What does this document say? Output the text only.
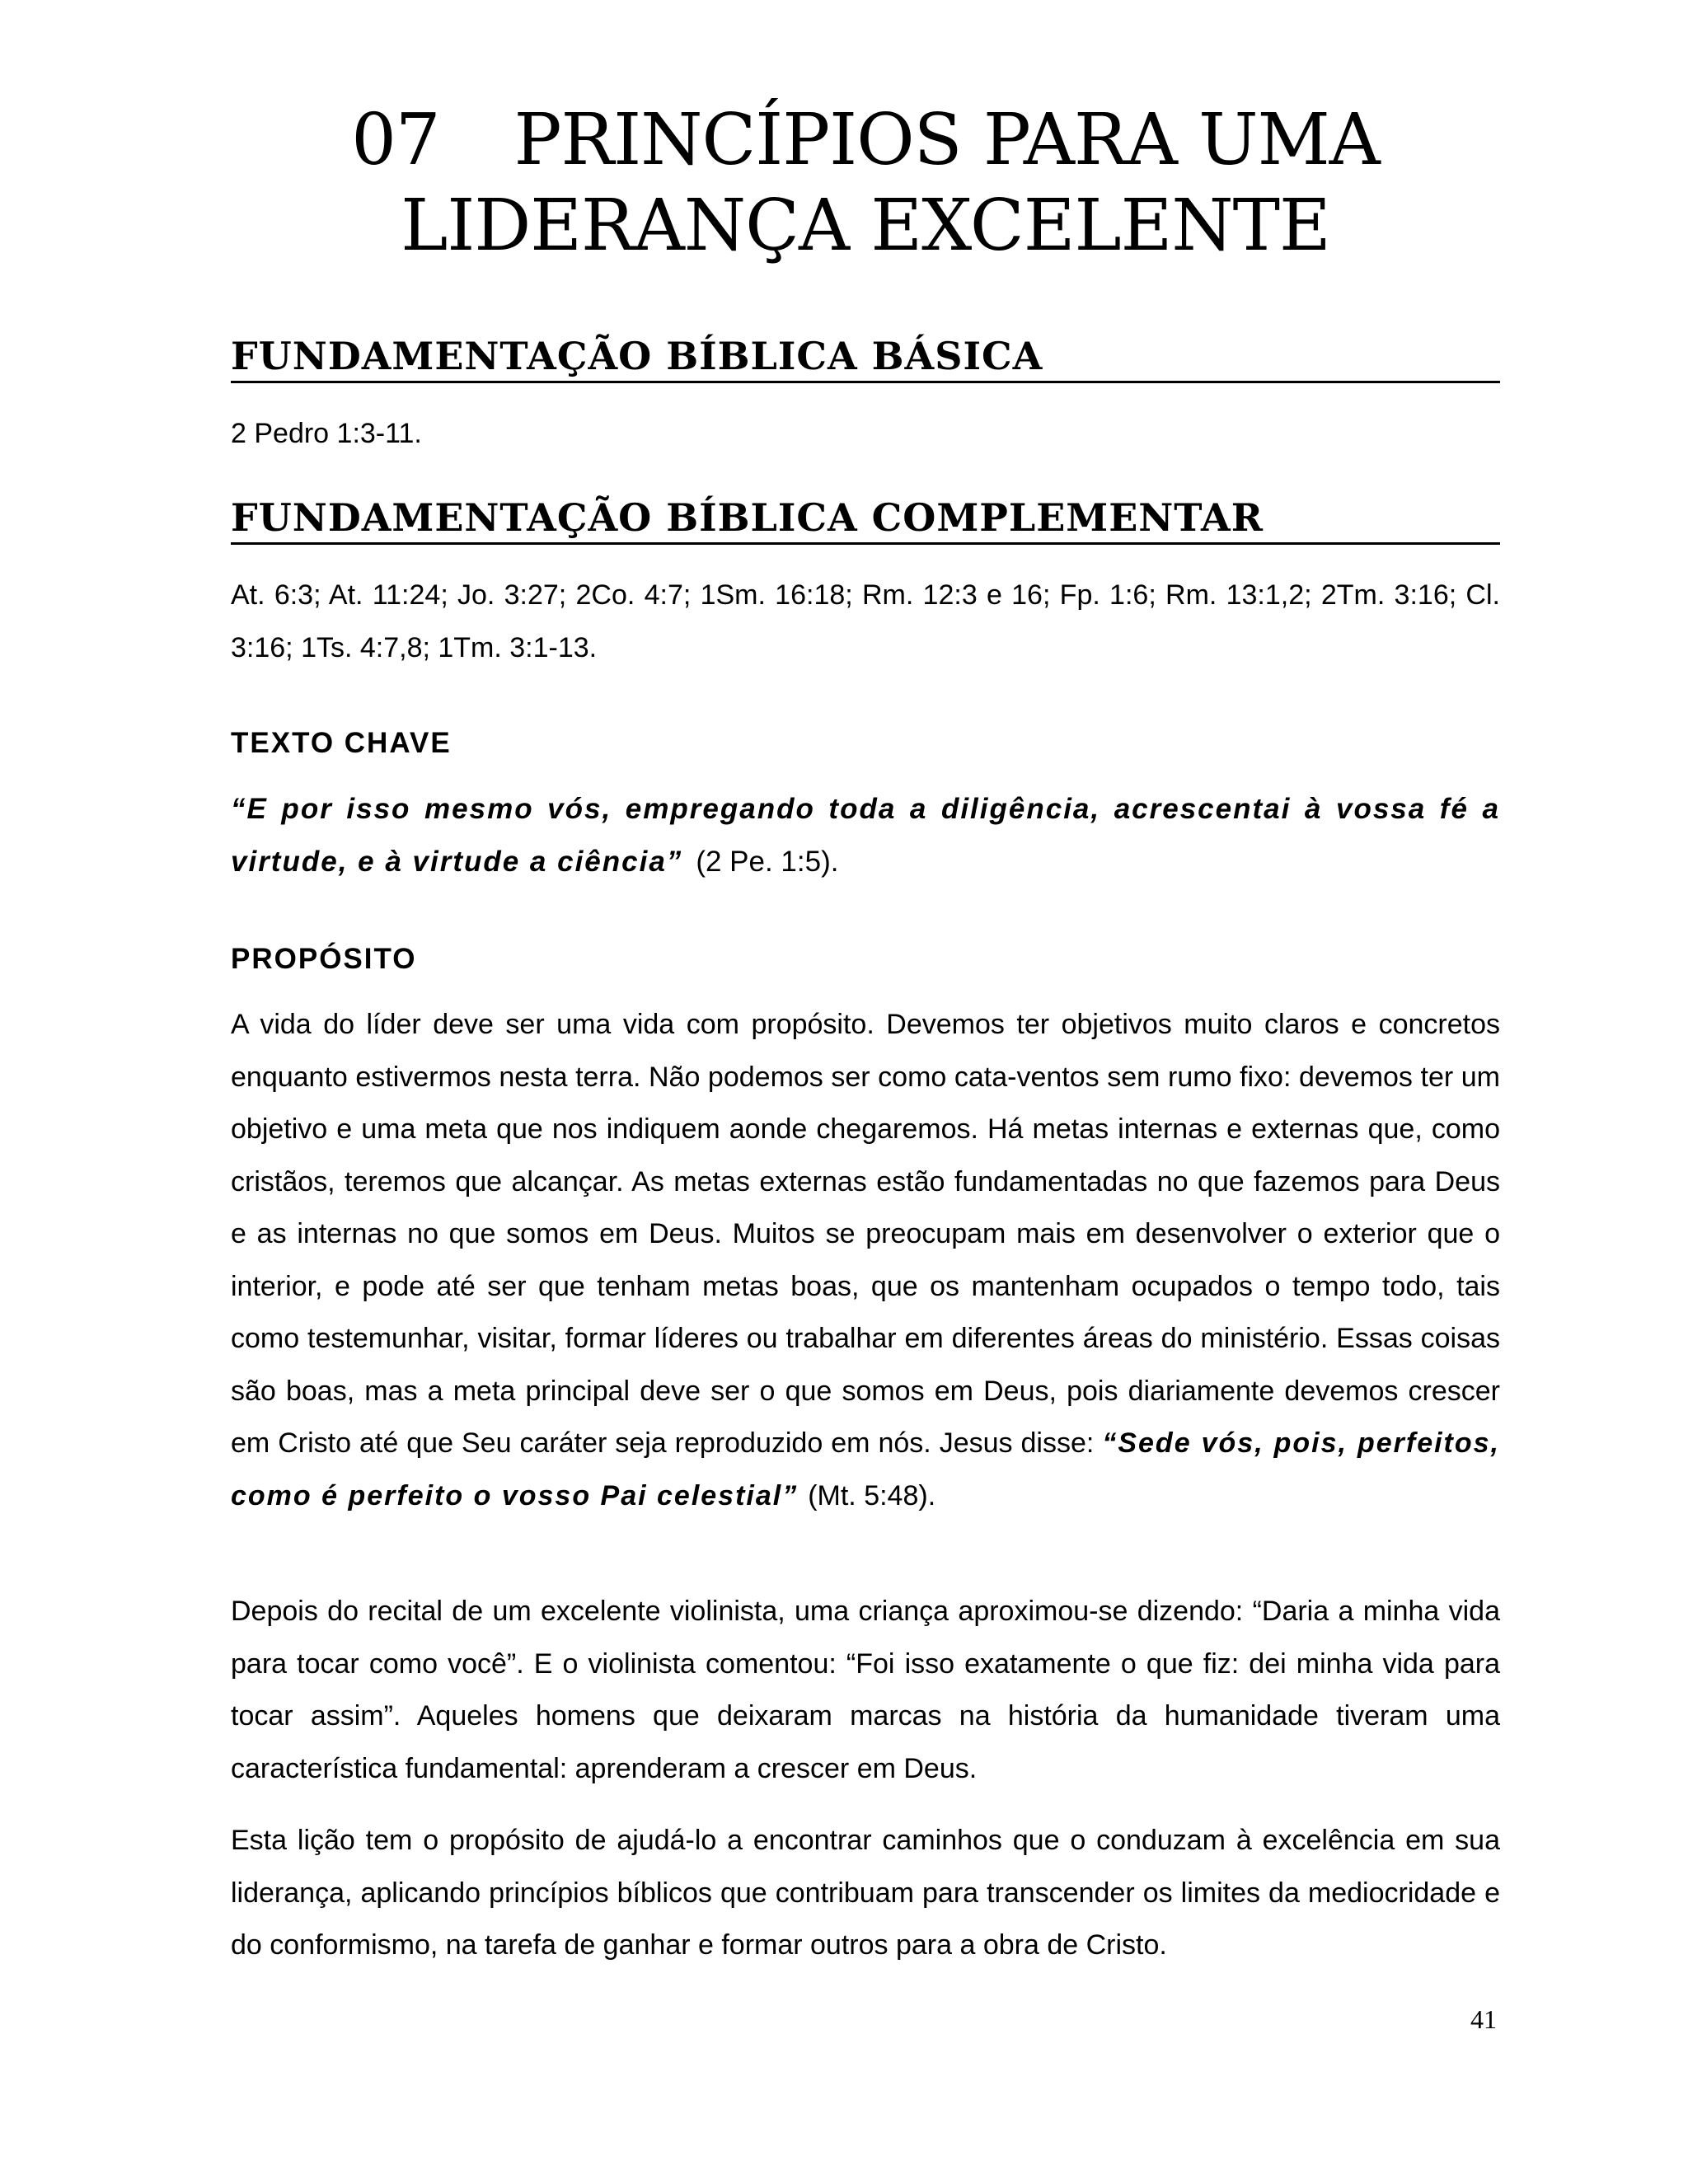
07 PRINCÍPIOS PARA UMA
LIDERANÇA EXCELENTE
FUNDAMENTAÇÃO BÍBLICA BÁSICA

2 Pedro 1:3-11.

FUNDAMENTAÇÃO BÍBLICA COMPLEMENTAR

At. 6:3; At. 11:24; Jo. 3:27; 2Co. 4:7; 1Sm. 16:18; Rm. 12:3 e 16; Fp. 1:6; Rm. 13:1,2; 2Tm. 3:16; Cl. 3:16; 1Ts. 4:7,8; 1Tm. 3:1-13.

TEXTO CHAVE

“E por isso mesmo vós, empregando toda a diligência, acrescentai à vossa fé a virtude, e à virtude a ciência” (2 Pe. 1:5).

PROPÓSITO

A vida do líder deve ser uma vida com propósito. Devemos ter objetivos muito claros e concretos enquanto estivermos nesta terra. Não podemos ser como cata-ventos sem rumo fixo: devemos ter um objetivo e uma meta que nos indiquem aonde chegaremos. Há metas internas e externas que, como cristãos, teremos que alcançar. As metas externas estão fundamentadas no que fazemos para Deus e as internas no que somos em Deus. Muitos se preocupam mais em desenvolver o exterior que o interior, e pode até ser que tenham metas boas, que os mantenham ocupados o tempo todo, tais como testemunhar, visitar, formar líderes ou trabalhar em diferentes áreas do ministério. Essas coisas são boas, mas a meta principal deve ser o que somos em Deus, pois diariamente devemos crescer em Cristo até que Seu caráter seja reproduzido em nós. Jesus disse: “Sede vós, pois, perfeitos, como é perfeito o vosso Pai celestial” (Mt. 5:48).

Depois do recital de um excelente violinista, uma criança aproximou-se dizendo: “Daria a minha vida para tocar como você”. E o violinista comentou: “Foi isso exatamente o que fiz: dei minha vida para tocar assim”. Aqueles homens que deixaram marcas na história da humanidade tiveram uma característica fundamental: aprenderam a crescer em Deus.

Esta lição tem o propósito de ajudá-lo a encontrar caminhos que o conduzam à excelência em sua liderança, aplicando princípios bíblicos que contribuam para transcender os limites da mediocridade e do conformismo, na tarefa de ganhar e formar outros para a obra de Cristo.

41
